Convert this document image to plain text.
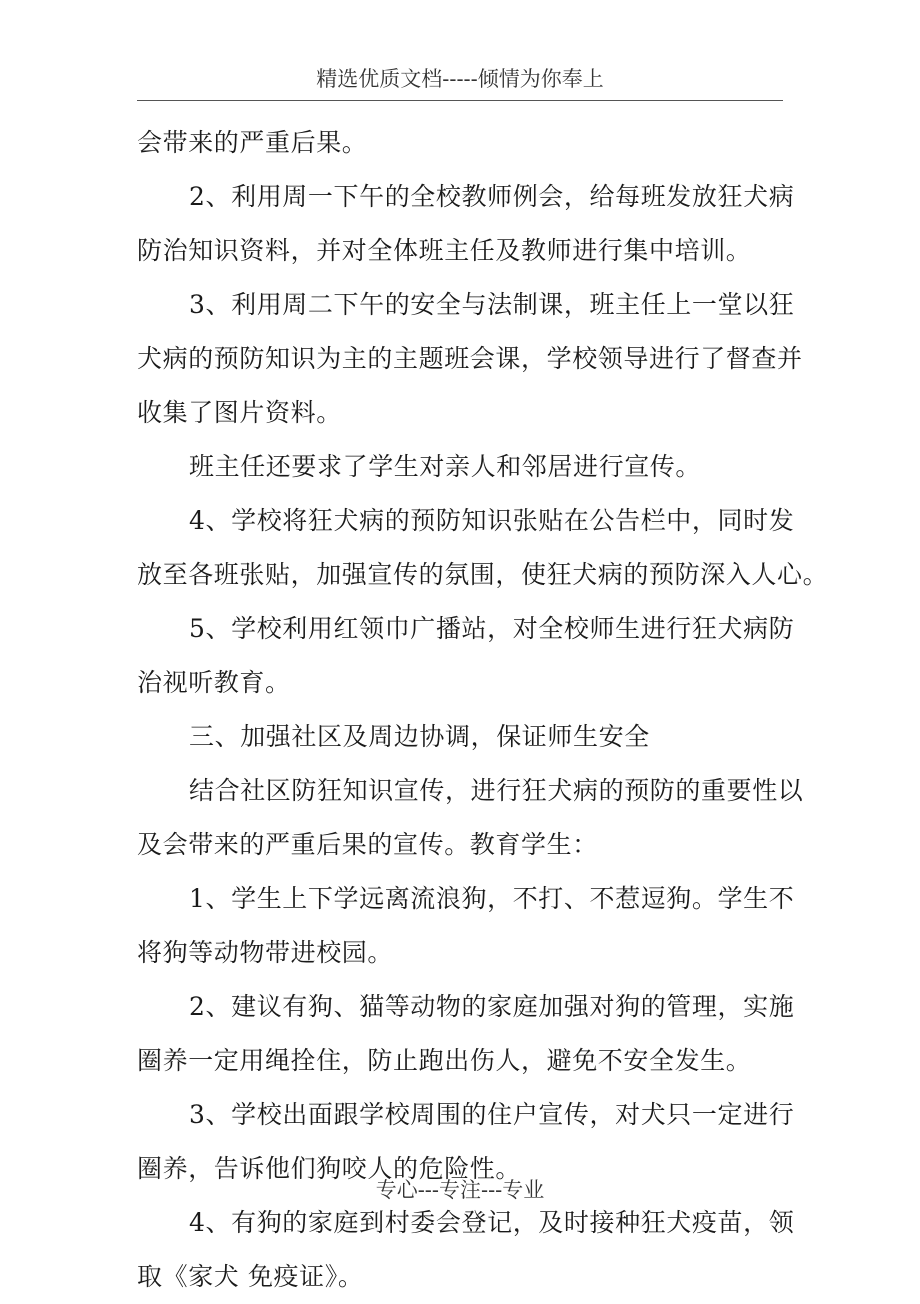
精选优质文档-----倾情为你奉上
会带来的严重后果。
2、利用周一下午的全校教师例会，给每班发放狂犬病
防治知识资料，并对全体班主任及教师进行集中培训。
3、利用周二下午的安全与法制课，班主任上一堂以狂
犬病的预防知识为主的主题班会课，学校领导进行了督查并
收集了图片资料。
班主任还要求了学生对亲人和邻居进行宣传。
4、学校将狂犬病的预防知识张贴在公告栏中，同时发
放至各班张贴，加强宣传的氛围，使狂犬病的预防深入人心。
5、学校利用红领巾广播站，对全校师生进行狂犬病防
治视听教育。
三、加强社区及周边协调，保证师生安全
结合社区防狂知识宣传，进行狂犬病的预防的重要性以
及会带来的严重后果的宣传。教育学生：
1、学生上下学远离流浪狗，不打、不惹逗狗。学生不
将狗等动物带进校园。
2、建议有狗、猫等动物的家庭加强对狗的管理，实施
圈养一定用绳拴住，防止跑出伤人，避免不安全发生。
3、学校出面跟学校周围的住户宣传，对犬只一定进行
圈养，告诉他们狗咬人的危险性。
4、有狗的家庭到村委会登记，及时接种狂犬疫苗，领
取《家犬 免疫证》。
专心---专注---专业
